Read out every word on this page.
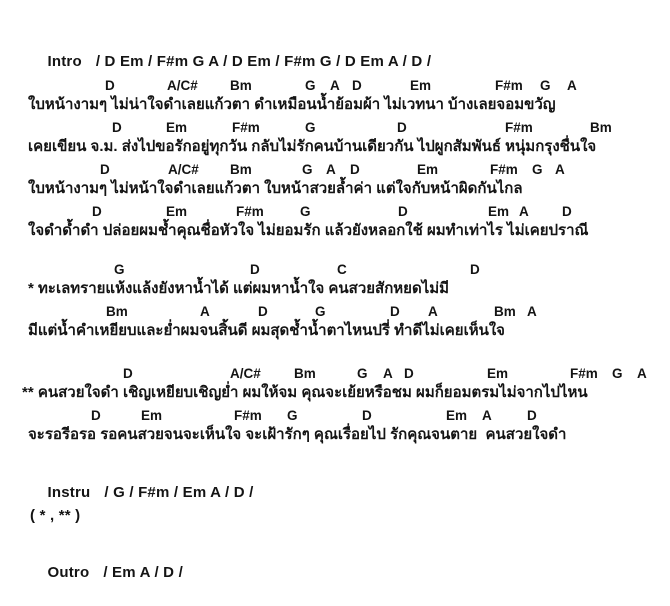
Intro / D Em / F#m G A / D Em / F#m G / D Em A / D /

D	A/C# Bm	G A D	Em	F#m G A
ใบหน้างามๆ ไม่น่าใจดำเลยแก้วตา ดำเหมือนน้ำย้อมผ้า ไม่เวทนา บ้างเลยจอมขวัญ
D	Em	F#m	G	D	F#m	Bm
เคยเขียน จ.ม. ส่งไปขอรักอยู่ทุกวัน กลับไม่รักคนบ้านเดียวกัน ไปผูกสัมพันธ์ หนุ่มกรุงชื่นใจ
D	A/C# Bm	G A D	Em	F#m G A
ใบหน้างามๆ ไม่หน้าใจดำเลยแก้วตา ใบหน้าสวยล้ำค่า แต่ใจกับหน้าผิดกันไกล
D	Em	F#m	G	D	Em A D
ใจดำด้ำดำ ปล่อยผมช้ำคุณชื่อหัวใจ ไม่ยอมรัก แล้วยังหลอกใช้ ผมทำเท่าไร ไม่เคยปราณี
G	D	C	D
* ทะเลทรายแห้งแล้งยังหาน้ำได้ แต่ผมหาน้ำใจ คนสวยสักหยดไม่มี
Bm	A	D	G	D A	Bm A
มีแต่น้ำคำเหยียบและย่ำผมจนสิ้นดี ผมสุดช้ำน้ำตาไหนปรี่ ทำดีไม่เคยเห็นใจ
D	A/C# Bm	G A D	Em	F#m G A
** คนสวยใจดำ เชิญเหยียบเชิญย่ำ ผมให้จม คุณจะเย้ยหรือชม ผมก็ยอมตรมไม่จากไปไหน
D	Em	F#m G	D	Em A	D
จะรอรีอรอ รอคนสวยจนจะเห็นใจ จะเฝ้ารักๆ คุณเรื่อยไป รักคุณจนตาย  คนสวยใจดำ

Instru / G / F#m / Em A / D /

( * , ** )

Outro / Em A / D /
